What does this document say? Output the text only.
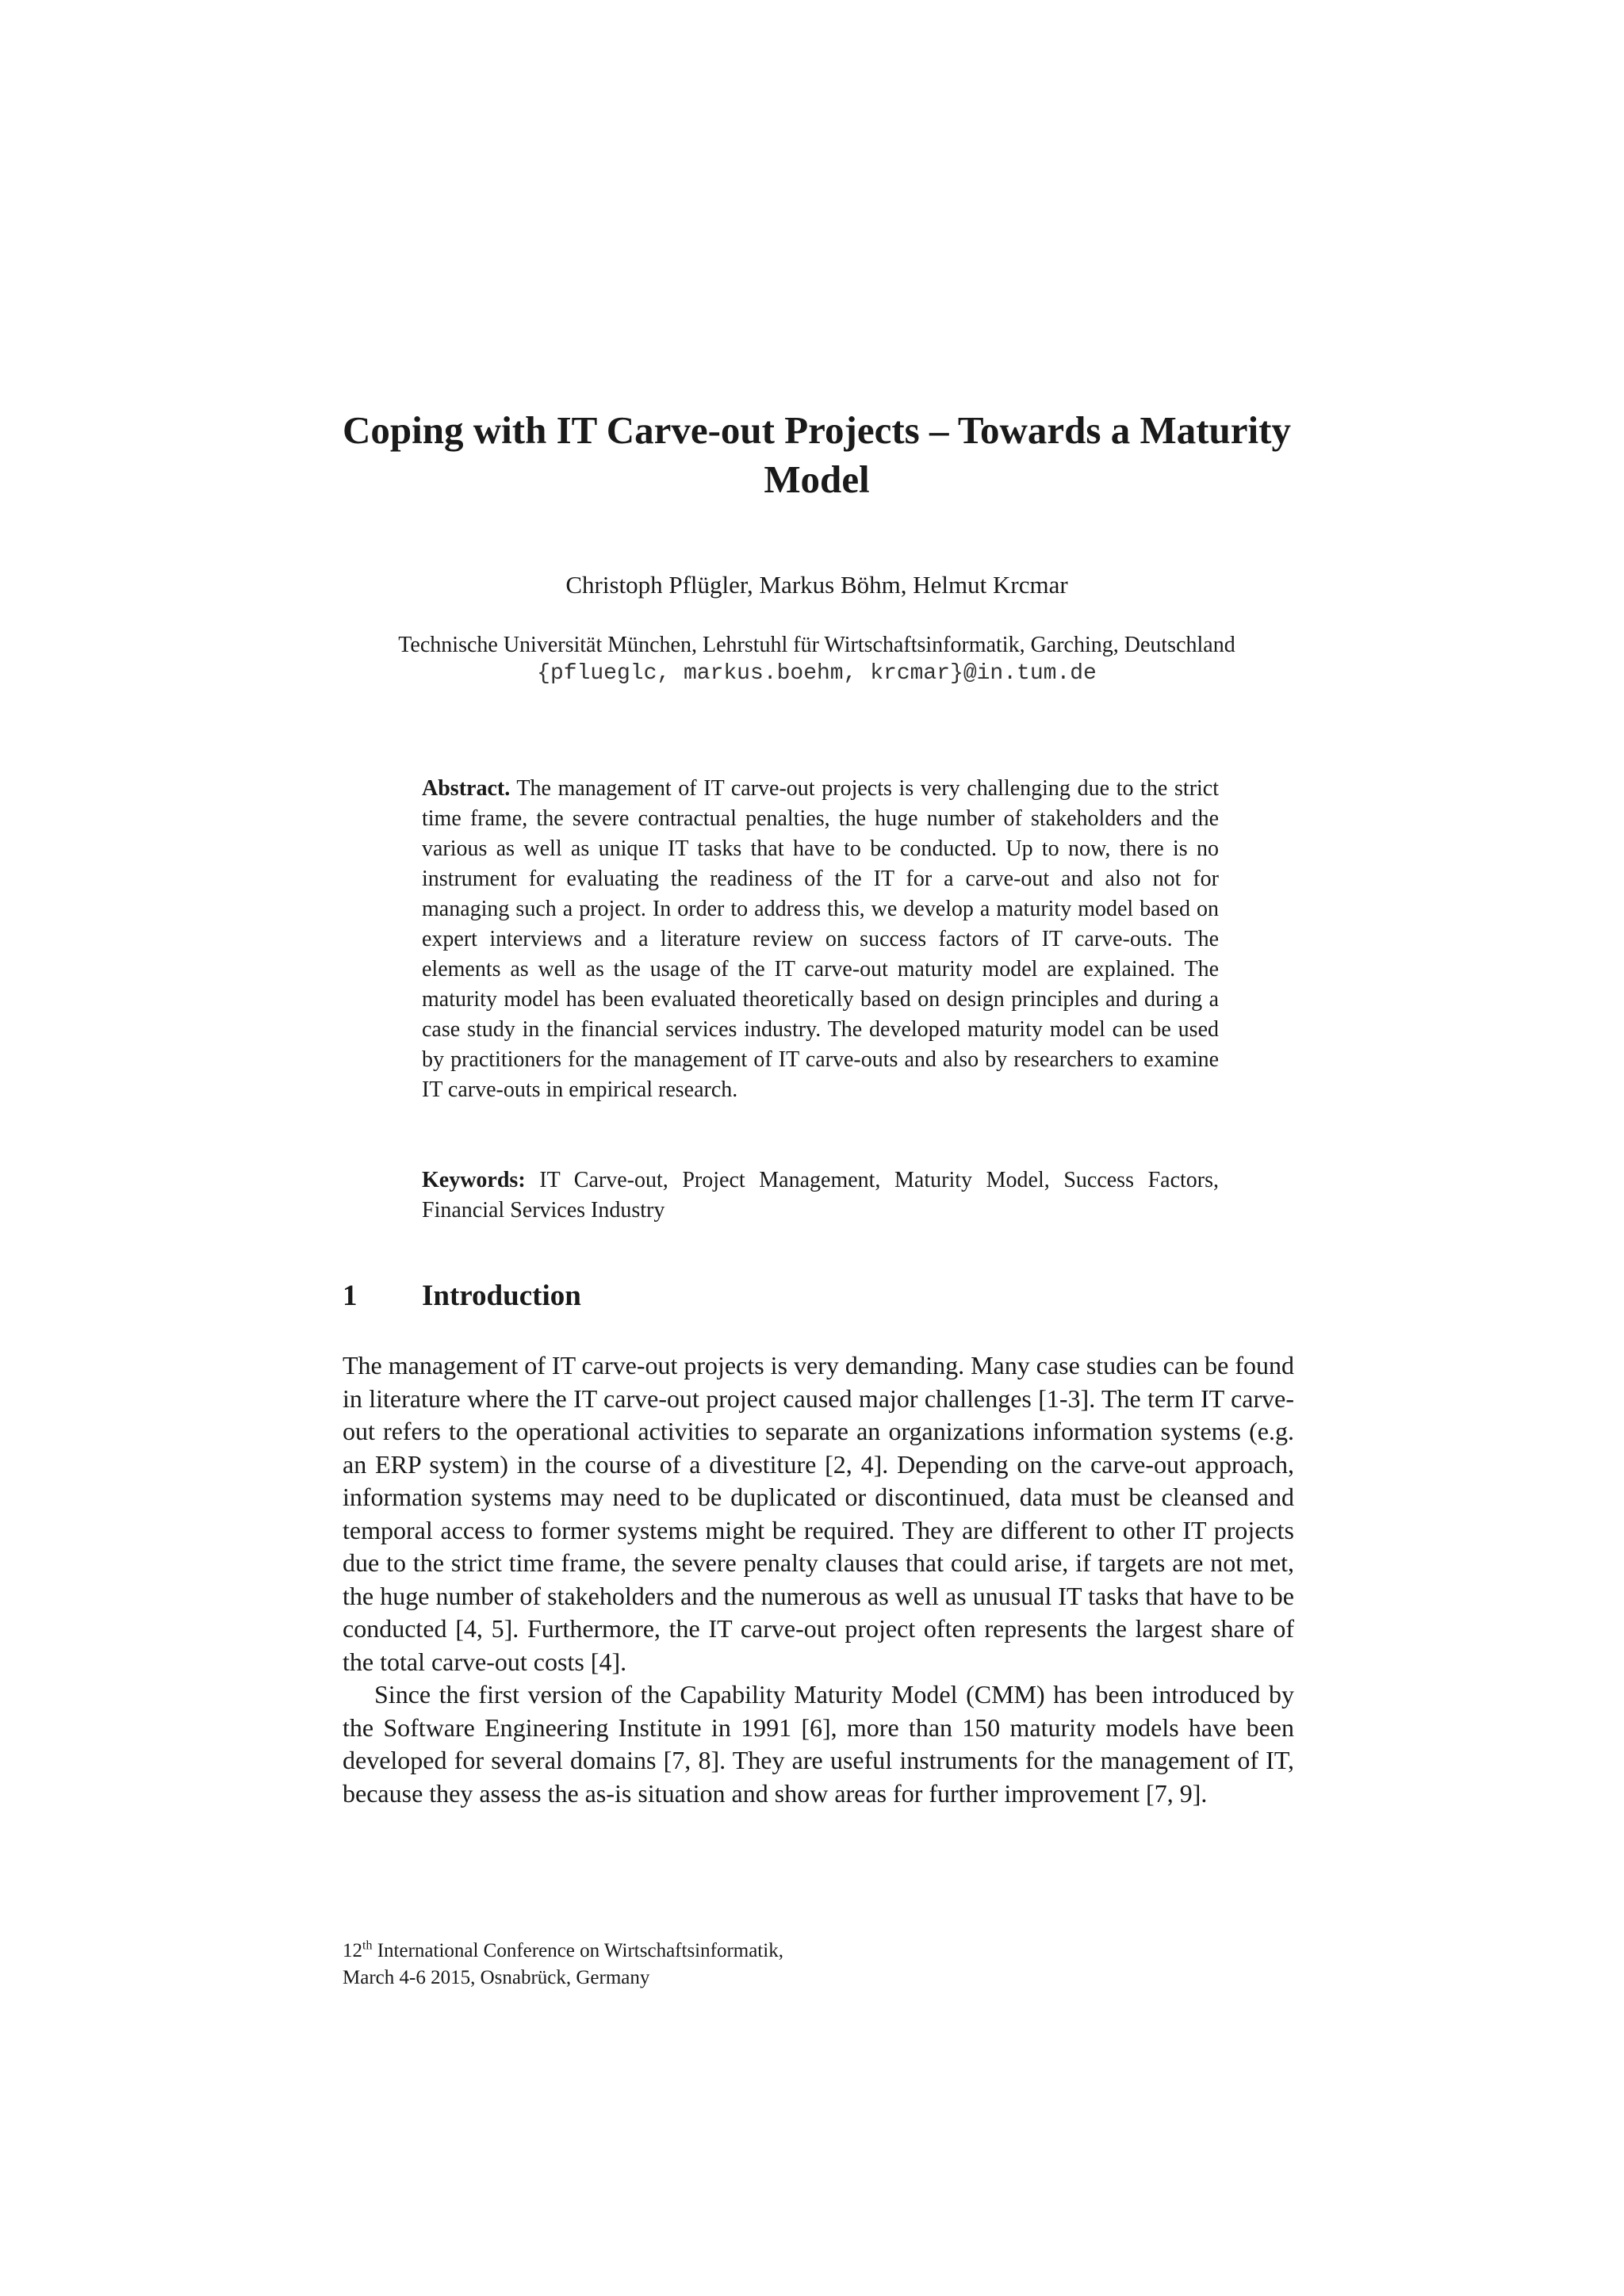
Coping with IT Carve-out Projects – Towards a Maturity Model
Christoph Pflügler, Markus Böhm, Helmut Krcmar
Technische Universität München, Lehrstuhl für Wirtschaftsinformatik, Garching, Deutschland
{pflueglc, markus.boehm, krcmar}@in.tum.de

Abstract. The management of IT carve-out projects is very challenging due to the strict time frame, the severe contractual penalties, the huge number of stakeholders and the various as well as unique IT tasks that have to be conducted. Up to now, there is no instrument for evaluating the readiness of the IT for a carve-out and also not for managing such a project. In order to address this, we develop a maturity model based on expert interviews and a literature review on success factors of IT carve-outs. The elements as well as the usage of the IT carve-out maturity model are explained. The maturity model has been evaluated theoretically based on design principles and during a case study in the financial services industry. The developed maturity model can be used by practitioners for the management of IT carve-outs and also by researchers to examine IT carve-outs in empirical research.

Keywords: IT Carve-out, Project Management, Maturity Model, Success Factors, Financial Services Industry

1	Introduction

The management of IT carve-out projects is very demanding. Many case studies can be found in literature where the IT carve-out project caused major challenges [1-3]. The term IT carve-out refers to the operational activities to separate an organizations information systems (e.g. an ERP system) in the course of a divestiture [2, 4]. Depending on the carve-out approach, information systems may need to be duplicated or discontinued, data must be cleansed and temporal access to former systems might be required. They are different to other IT projects due to the strict time frame, the severe penalty clauses that could arise, if targets are not met, the huge number of stakeholders and the numerous as well as unusual IT tasks that have to be conducted [4, 5]. Furthermore, the IT carve-out project often represents the largest share of the total carve-out costs [4].

Since the first version of the Capability Maturity Model (CMM) has been introduced by the Software Engineering Institute in 1991 [6], more than 150 maturity models have been developed for several domains [7, 8]. They are useful instruments for the management of IT, because they assess the as-is situation and show areas for further improvement [7, 9].

12th International Conference on Wirtschaftsinformatik,
March 4-6 2015, Osnabrück, Germany
